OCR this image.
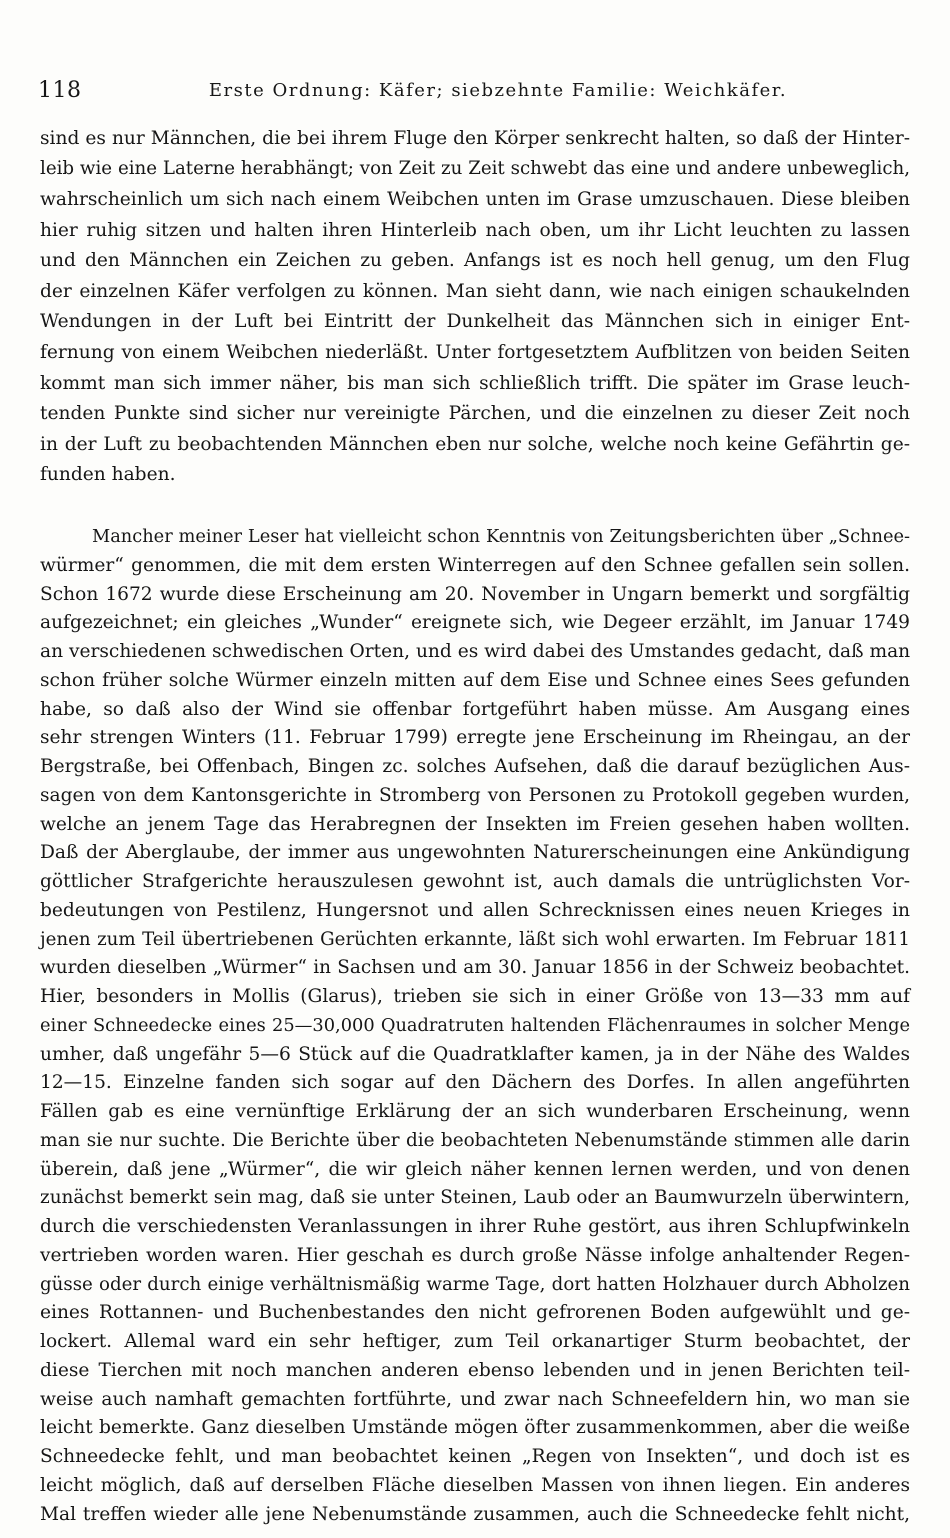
118	Erste Ordnung: Käfer; siebzehnte Familie: Weichkäfer.
sind es nur Männchen, die bei ihrem Fluge den Körper senkrecht halten, so daß der Hinter-
leib wie eine Laterne herabhängt; von Zeit zu Zeit schwebt das eine und andere unbeweglich,
wahrscheinlich um sich nach einem Weibchen unten im Grase umzuschauen. Diese bleiben
hier ruhig sitzen und halten ihren Hinterleib nach oben, um ihr Licht leuchten zu lassen
und den Männchen ein Zeichen zu geben. Anfangs ist es noch hell genug, um den Flug
der einzelnen Käfer verfolgen zu können. Man sieht dann, wie nach einigen schaukelnden
Wendungen in der Luft bei Eintritt der Dunkelheit das Männchen sich in einiger Ent-
fernung von einem Weibchen niederläßt. Unter fortgesetztem Aufblitzen von beiden Seiten
kommt man sich immer näher, bis man sich schließlich trifft. Die später im Grase leuch-
tenden Punkte sind sicher nur vereinigte Pärchen, und die einzelnen zu dieser Zeit noch
in der Luft zu beobachtenden Männchen eben nur solche, welche noch keine Gefährtin ge-
funden haben.
Mancher meiner Leser hat vielleicht schon Kenntnis von Zeitungsberichten über „Schnee-
würmer“ genommen, die mit dem ersten Winterregen auf den Schnee gefallen sein sollen.
Schon 1672 wurde diese Erscheinung am 20. November in Ungarn bemerkt und sorgfältig
aufgezeichnet; ein gleiches „Wunder“ ereignete sich, wie Degeer erzählt, im Januar 1749
an verschiedenen schwedischen Orten, und es wird dabei des Umstandes gedacht, daß man
schon früher solche Würmer einzeln mitten auf dem Eise und Schnee eines Sees gefunden
habe, so daß also der Wind sie offenbar fortgeführt haben müsse. Am Ausgang eines
sehr strengen Winters (11. Februar 1799) erregte jene Erscheinung im Rheingau, an der
Bergstraße, bei Offenbach, Bingen zc. solches Aufsehen, daß die darauf bezüglichen Aus-
sagen von dem Kantonsgerichte in Stromberg von Personen zu Protokoll gegeben wurden,
welche an jenem Tage das Herabregnen der Insekten im Freien gesehen haben wollten.
Daß der Aberglaube, der immer aus ungewohnten Naturerscheinungen eine Ankündigung
göttlicher Strafgerichte herauszulesen gewohnt ist, auch damals die untrüglichsten Vor-
bedeutungen von Pestilenz, Hungersnot und allen Schrecknissen eines neuen Krieges in
jenen zum Teil übertriebenen Gerüchten erkannte, läßt sich wohl erwarten. Im Februar 1811
wurden dieselben „Würmer“ in Sachsen und am 30. Januar 1856 in der Schweiz beobachtet.
Hier, besonders in Mollis (Glarus), trieben sie sich in einer Größe von 13—33 mm auf
einer Schneedecke eines 25—30,000 Quadratruten haltenden Flächenraumes in solcher Menge
umher, daß ungefähr 5—6 Stück auf die Quadratklafter kamen, ja in der Nähe des Waldes
12—15. Einzelne fanden sich sogar auf den Dächern des Dorfes. In allen angeführten
Fällen gab es eine vernünftige Erklärung der an sich wunderbaren Erscheinung, wenn
man sie nur suchte. Die Berichte über die beobachteten Nebenumstände stimmen alle darin
überein, daß jene „Würmer“, die wir gleich näher kennen lernen werden, und von denen
zunächst bemerkt sein mag, daß sie unter Steinen, Laub oder an Baumwurzeln überwintern,
durch die verschiedensten Veranlassungen in ihrer Ruhe gestört, aus ihren Schlupfwinkeln
vertrieben worden waren. Hier geschah es durch große Nässe infolge anhaltender Regen-
güsse oder durch einige verhältnismäßig warme Tage, dort hatten Holzhauer durch Abholzen
eines Rottannen- und Buchenbestandes den nicht gefrorenen Boden aufgewühlt und ge-
lockert. Allemal ward ein sehr heftiger, zum Teil orkanartiger Sturm beobachtet, der
diese Tierchen mit noch manchen anderen ebenso lebenden und in jenen Berichten teil-
weise auch namhaft gemachten fortführte, und zwar nach Schneefeldern hin, wo man sie
leicht bemerkte. Ganz dieselben Umstände mögen öfter zusammenkommen, aber die weiße
Schneedecke fehlt, und man beobachtet keinen „Regen von Insekten“, und doch ist es
leicht möglich, daß auf derselben Fläche dieselben Massen von ihnen liegen. Ein anderes
Mal treffen wieder alle jene Nebenumstände zusammen, auch die Schneedecke fehlt nicht,
